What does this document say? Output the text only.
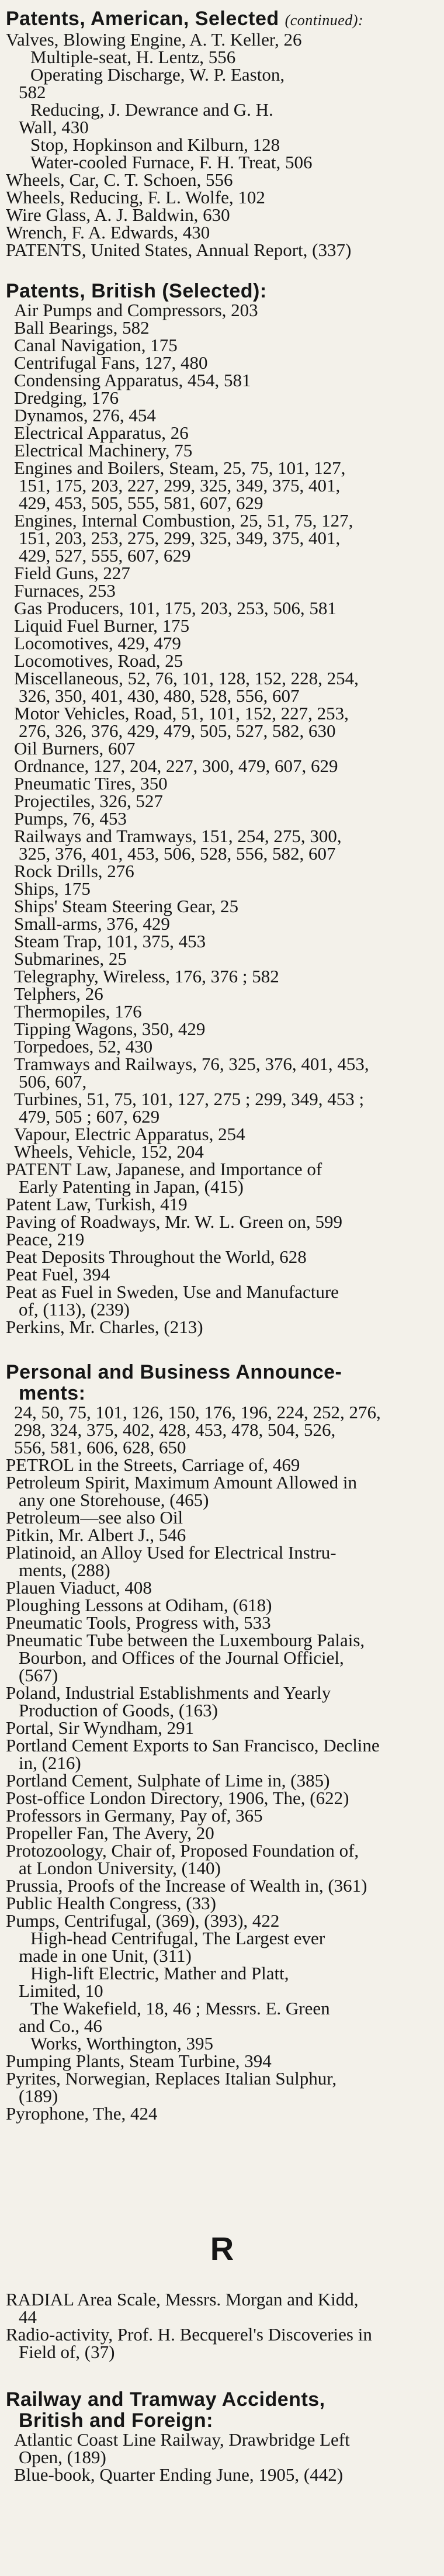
Patents, American, Selected (continued):
Valves, Blowing Engine, A. T. Keller, 26
Multiple-seat, H. Lentz, 556
Operating Discharge, W. P. Easton,
582
Reducing, J. Dewrance and G. H.
Wall, 430
Stop, Hopkinson and Kilburn, 128
Water-cooled Furnace, F. H. Treat, 506
Wheels, Car, C. T. Schoen, 556
Wheels, Reducing, F. L. Wolfe, 102
Wire Glass, A. J. Baldwin, 630
Wrench, F. A. Edwards, 430
PATENTS, United States, Annual Report, (337)
Patents, British (Selected):
Air Pumps and Compressors, 203
Ball Bearings, 582
Canal Navigation, 175
Centrifugal Fans, 127, 480
Condensing Apparatus, 454, 581
Dredging, 176
Dynamos, 276, 454
Electrical Apparatus, 26
Electrical Machinery, 75
Engines and Boilers, Steam, 25, 75, 101, 127,
151, 175, 203, 227, 299, 325, 349, 375, 401,
429, 453, 505, 555, 581, 607, 629
Engines, Internal Combustion, 25, 51, 75, 127,
151, 203, 253, 275, 299, 325, 349, 375, 401,
429, 527, 555, 607, 629
Field Guns, 227
Furnaces, 253
Gas Producers, 101, 175, 203, 253, 506, 581
Liquid Fuel Burner, 175
Locomotives, 429, 479
Locomotives, Road, 25
Miscellaneous, 52, 76, 101, 128, 152, 228, 254,
326, 350, 401, 430, 480, 528, 556, 607
Motor Vehicles, Road, 51, 101, 152, 227, 253,
276, 326, 376, 429, 479, 505, 527, 582, 630
Oil Burners, 607
Ordnance, 127, 204, 227, 300, 479, 607, 629
Pneumatic Tires, 350
Projectiles, 326, 527
Pumps, 76, 453
Railways and Tramways, 151, 254, 275, 300,
325, 376, 401, 453, 506, 528, 556, 582, 607
Rock Drills, 276
Ships, 175
Ships' Steam Steering Gear, 25
Small-arms, 376, 429
Steam Trap, 101, 375, 453
Submarines, 25
Telegraphy, Wireless, 176, 376 ; 582
Telphers, 26
Thermopiles, 176
Tipping Wagons, 350, 429
Torpedoes, 52, 430
Tramways and Railways, 76, 325, 376, 401, 453,
506, 607,
Turbines, 51, 75, 101, 127, 275 ; 299, 349, 453 ;
479, 505 ; 607, 629
Vapour, Electric Apparatus, 254
Wheels, Vehicle, 152, 204
PATENT Law, Japanese, and Importance of
Early Patenting in Japan, (415)
Patent Law, Turkish, 419
Paving of Roadways, Mr. W. L. Green on, 599
Peace, 219
Peat Deposits Throughout the World, 628
Peat Fuel, 394
Peat as Fuel in Sweden, Use and Manufacture
of, (113), (239)
Perkins, Mr. Charles, (213)
Personal and Business Announce-
ments:
24, 50, 75, 101, 126, 150, 176, 196, 224, 252, 276,
298, 324, 375, 402, 428, 453, 478, 504, 526,
556, 581, 606, 628, 650
PETROL in the Streets, Carriage of, 469
Petroleum Spirit, Maximum Amount Allowed in
any one Storehouse, (465)
Petroleum—see also Oil
Pitkin, Mr. Albert J., 546
Platinoid, an Alloy Used for Electrical Instru-
ments, (288)
Plauen Viaduct, 408
Ploughing Lessons at Odiham, (618)
Pneumatic Tools, Progress with, 533
Pneumatic Tube between the Luxembourg Palais,
Bourbon, and Offices of the Journal Officiel,
(567)
Poland, Industrial Establishments and Yearly
Production of Goods, (163)
Portal, Sir Wyndham, 291
Portland Cement Exports to San Francisco, Decline
in, (216)
Portland Cement, Sulphate of Lime in, (385)
Post-office London Directory, 1906, The, (622)
Professors in Germany, Pay of, 365
Propeller Fan, The Avery, 20
Protozoology, Chair of, Proposed Foundation of,
at London University, (140)
Prussia, Proofs of the Increase of Wealth in, (361)
Public Health Congress, (33)
Pumps, Centrifugal, (369), (393), 422
High-head Centrifugal, The Largest ever
made in one Unit, (311)
High-lift Electric, Mather and Platt,
Limited, 10
The Wakefield, 18, 46 ; Messrs. E. Green
and Co., 46
Works, Worthington, 395
Pumping Plants, Steam Turbine, 394
Pyrites, Norwegian, Replaces Italian Sulphur,
(189)
Pyrophone, The, 424
R
RADIAL Area Scale, Messrs. Morgan and Kidd,
44
Radio-activity, Prof. H. Becquerel's Discoveries in
Field of, (37)
Railway and Tramway Accidents,
British and Foreign:
Atlantic Coast Line Railway, Drawbridge Left
Open, (189)
Blue-book, Quarter Ending June, 1905, (442)
